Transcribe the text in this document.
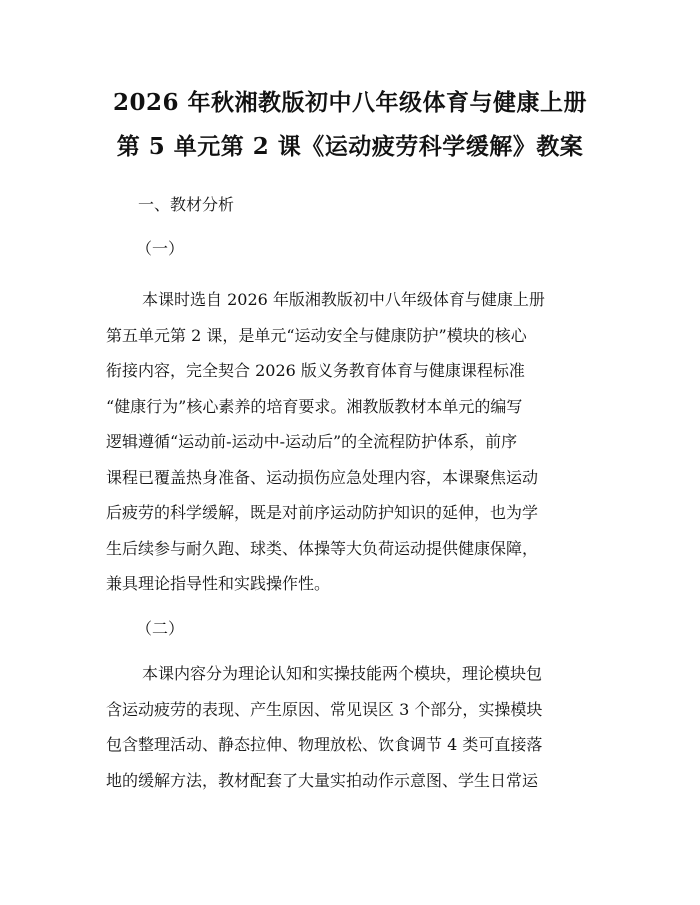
2026 年秋湘教版初中八年级体育与健康上册
第 5 单元第 2 课《运动疲劳科学缓解》教案
一、教材分析
（一）
本课时选自 2026 年版湘教版初中八年级体育与健康上册
第五单元第 2 课，是单元“运动安全与健康防护”模块的核心
衔接内容，完全契合 2026 版义务教育体育与健康课程标准
“健康行为”核心素养的培育要求。湘教版教材本单元的编写
逻辑遵循“运动前-运动中-运动后”的全流程防护体系，前序
课程已覆盖热身准备、运动损伤应急处理内容，本课聚焦运动
后疲劳的科学缓解，既是对前序运动防护知识的延伸，也为学
生后续参与耐久跑、球类、体操等大负荷运动提供健康保障，
兼具理论指导性和实践操作性。
（二）
本课内容分为理论认知和实操技能两个模块，理论模块包
含运动疲劳的表现、产生原因、常见误区 3 个部分，实操模块
包含整理活动、静态拉伸、物理放松、饮食调节 4 类可直接落
地的缓解方法，教材配套了大量实拍动作示意图、学生日常运
